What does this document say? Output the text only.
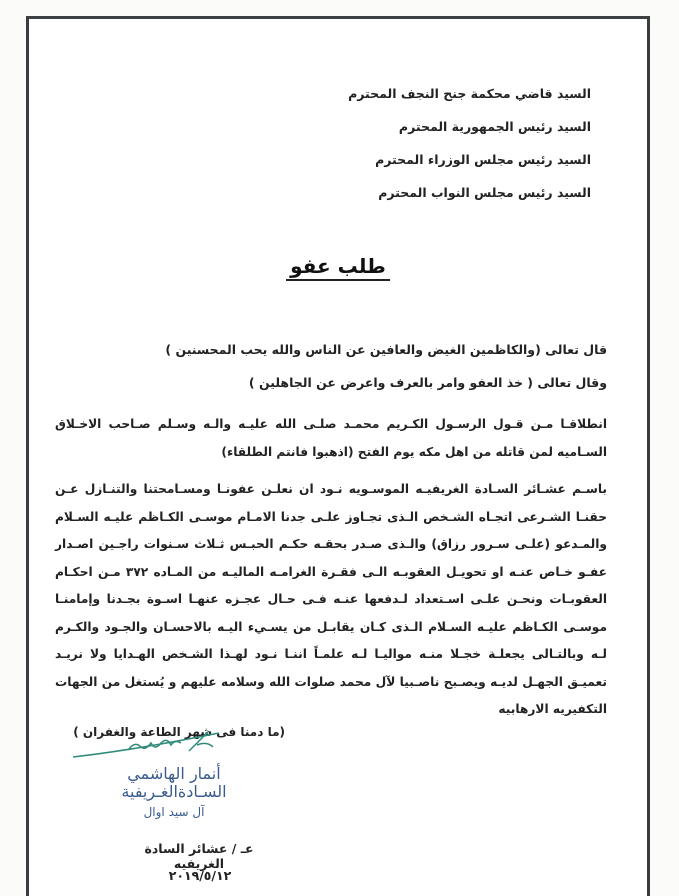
السيد قاضي محكمة جنح النجف المحترم
السيد رئيس الجمهورية المحترم
السيد رئيس مجلس الوزراء المحترم
السيد رئيس مجلس النواب المحترم
طلب عفو
قال تعالى (والكاظمين الغيض والعافين عن الناس والله يحب المحسنين )
وقال تعالى ( خذ العفو وامر بالعرف واعرض عن الجاهلين )
انطلاقـا مـن قـول الرسـول الكـريم محمـد صلـى الله عليـه والـه وسـلم صـاحب الاخـلاق السـاميه لمن قاتله من اهل مكه يوم الفتح (اذهبوا فانتم الطلقاء)
باسـم عشـائر السـادة الغريفيـه الموسـويه نـود ان نعلـن عفونـا ومسـامحتنا والتنـازل عـن حقنـا الشـرعى اتجـاه الشـخص الـذى تجـاوز علـى جدنا الامـام موسـى الكـاظم عليـه السـلام والمـدعو (علـى سـرور رزاق) والـذى صـدر بحقـه حكـم الحبـس ثـلاث سـنوات راجـين اصـدار عفـو خـاص عنـه او تحويـل العقوبـه الـى فقـرة الغرامـه الماليـه من المـاده ٣٧٢ مـن احكـام العقوبـات ونحـن علـى اسـتعداد لـدفعها عنـه فـى حـال عجـزه عنهـا اسـوة بجـدنا وإمامنـا موسـى الكـاظم عليـه السـلام الـذى كـان يقابـل من يسـيء اليـه بالاحسـان والجـود والكـرم لـه وبالتـالى يجعلـة خجـلا منـه مواليـا لـه علمـاً اننـا نـود لهـذا الشـخص الهـدايا ولا نريـد تعميـق الجهـل لديـه ويصـبح ناصـبيا لآل محمد صلوات الله وسلامه عليهم و يُستغل من الجهات التكفيريه الارهابيه
(ما دمنا فى شهر الطاعة والغفران )
أنمار الهاشمي
السـادةالغـريفية
آل سيد اوال
عـ / عشائر السادة الغريفيه
٢٠١٩/٥/١٢
